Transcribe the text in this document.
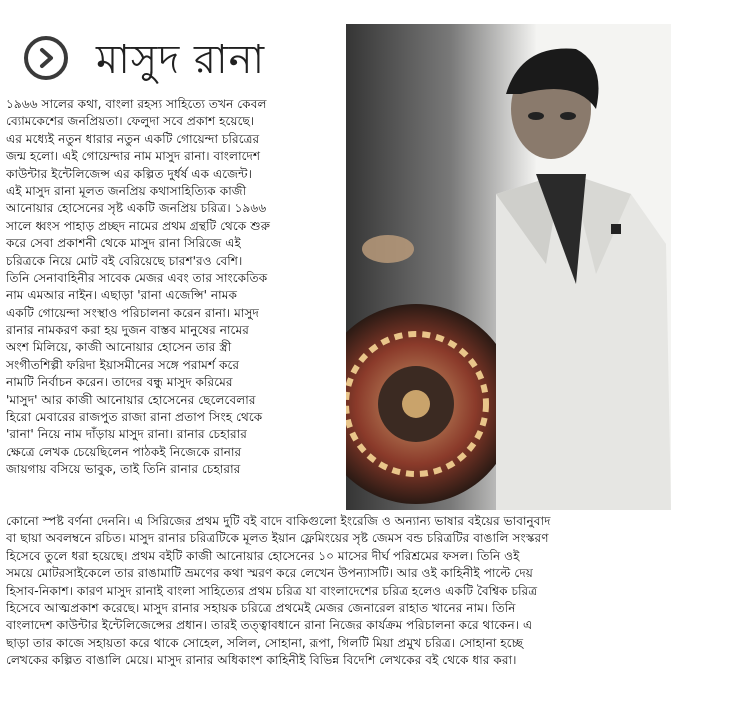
মাসুদ রানা
১৯৬৬ সালের কথা, বাংলা রহস্য সাহিত্যে তখন কেবল
ব্যোমকেশের জনপ্রিয়তা। ফেলুদা সবে প্রকাশ হয়েছে।
এর মধ্যেই নতুন ধারার নতুন একটি গোয়েন্দা চরিত্রের
জন্ম হলো। এই গোয়েন্দার নাম মাসুদ রানা। বাংলাদেশ
কাউন্টার ইন্টেলিজেন্স এর কল্পিত দুর্ধর্ষ এক এজেন্ট।
এই মাসুদ রানা মূলত জনপ্রিয় কথাসাহিত্যিক কাজী
আনোয়ার হোসেনের সৃষ্ট একটি জনপ্রিয় চরিত্র। ১৯৬৬
সালে ধ্বংস পাহাড় প্রচ্ছদ নামের প্রথম গ্রন্থটি থেকে শুরু
করে সেবা প্রকাশনী থেকে মাসুদ রানা সিরিজে এই
চরিত্রকে নিয়ে মোট বই বেরিয়েছে চারশ'রও বেশি।
তিনি সেনাবাহিনীর সাবেক মেজর এবং তার সাংকেতিক
নাম এমআর নাইন। এছাড়া 'রানা এজেন্সি' নামক
একটি গোয়েন্দা সংস্থাও পরিচালনা করেন রানা। মাসুদ
রানার নামকরণ করা হয় দুজন বাস্তব মানুষের নামের
অংশ মিলিয়ে, কাজী আনোয়ার হোসেন তার স্ত্রী
সংগীতশিল্পী ফরিদা ইয়াসমীনের সঙ্গে পরামর্শ করে
নামটি নির্বাচন করেন। তাদের বন্ধু মাসুদ করিমের
'মাসুদ' আর কাজী আনোয়ার হোসেনের ছেলেবেলার
হিরো মেবারের রাজপুত রাজা রানা প্রতাপ সিংহ থেকে
'রানা' নিয়ে নাম দাঁড়ায় মাসুদ রানা। রানার চেহারার
ক্ষেত্রে লেখক চেয়েছিলেন পাঠকই নিজেকে রানার
জায়গায় বসিয়ে ভাবুক, তাই তিনি রানার চেহারার
কোনো স্পষ্ট বর্ণনা দেননি। এ সিরিজের প্রথম দুটি বই বাদে বাকিগুলো ইংরেজি ও অন্যান্য ভাষার বইয়ের ভাবানুবাদ
বা ছায়া অবলম্বনে রচিত। মাসুদ রানার চরিত্রটিকে মূলত ইয়ান ফ্লেমিংয়ের সৃষ্ট জেমস বন্ড চরিত্রটির বাঙালি সংস্করণ
হিসেবে তুলে ধরা হয়েছে। প্রথম বইটি কাজী আনোয়ার হোসেনের ১০ মাসের দীর্ঘ পরিশ্রমের ফসল। তিনি ওই
সময়ে মোটরসাইকেলে তার রাঙামাটি ভ্রমণের কথা স্মরণ করে লেখেন উপন্যাসটি। আর ওই কাহিনীই পাল্টে দেয়
হিসাব-নিকাশ। কারণ মাসুদ রানাই বাংলা সাহিত্যের প্রথম চরিত্র যা বাংলাদেশের চরিত্র হলেও একটি বৈশ্বিক চরিত্র
হিসেবে আত্মপ্রকাশ করেছে। মাসুদ রানার সহায়ক চরিত্রে প্রথমেই মেজর জেনারেল রাহাত খানের নাম। তিনি
বাংলাদেশ কাউন্টার ইন্টেলিজেন্সের প্রধান। তারই তত্ত্বাবধানে রানা নিজের কার্যক্রম পরিচালনা করে থাকেন। এ
ছাড়া তার কাজে সহায়তা করে থাকে সোহেল, সলিল, সোহানা, রূপা, গিলটি মিয়া প্রমুখ চরিত্র। সোহানা হচ্ছে
লেখকের কল্পিত বাঙালি মেয়ে। মাসুদ রানার অধিকাংশ কাহিনীই বিভিন্ন বিদেশি লেখকের বই থেকে ধার করা।
